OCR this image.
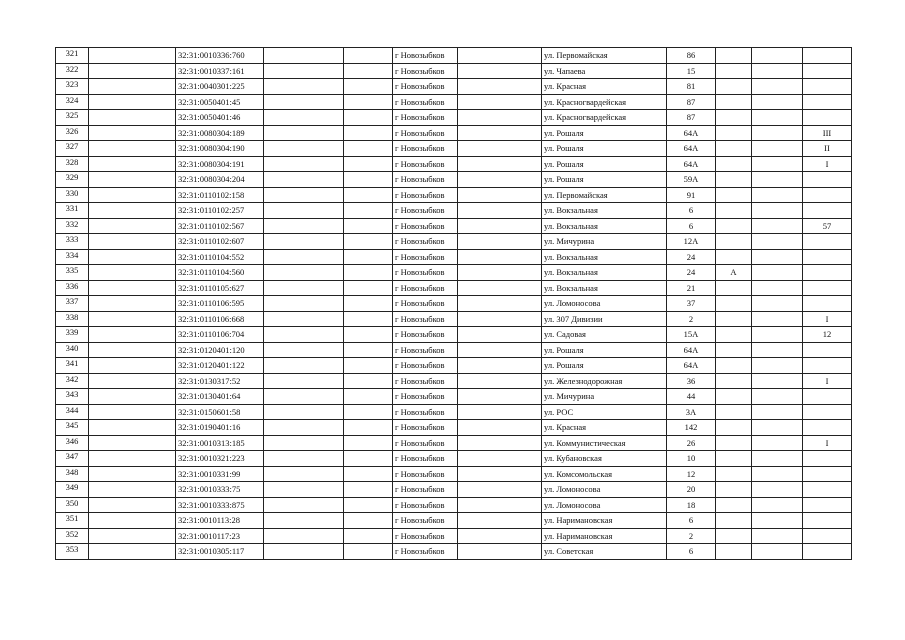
321		32:31:0010336:760			г Новозыбков		ул. Первомайская	86			
322		32:31:0010337:161			г Новозыбков		ул. Чапаева	15			
323		32:31:0040301:225			г Новозыбков		ул. Красная	81			
324		32:31:0050401:45			г Новозыбков		ул. Красногвардейская	87			
325		32:31:0050401:46			г Новозыбков		ул. Красногвардейская	87			
326		32:31:0080304:189			г Новозыбков		ул. Рошаля	64А			III
327		32:31:0080304:190			г Новозыбков		ул. Рошаля	64А			II
328		32:31:0080304:191			г Новозыбков		ул. Рошаля	64А			I
329		32:31:0080304:204			г Новозыбков		ул. Рошаля	59А			
330		32:31:0110102:158			г Новозыбков		ул. Первомайская	91			
331		32:31:0110102:257			г Новозыбков		ул. Вокзальная	6			
332		32:31:0110102:567			г Новозыбков		ул. Вокзальная	6			57
333		32:31:0110102:607			г Новозыбков		ул. Мичурина	12А			
334		32:31:0110104:552			г Новозыбков		ул. Вокзальная	24			
335		32:31:0110104:560			г Новозыбков		ул. Вокзальная	24	А		
336		32:31:0110105:627			г Новозыбков		ул. Вокзальная	21			
337		32:31:0110106:595			г Новозыбков		ул. Ломоносова	37			
338		32:31:0110106:668			г Новозыбков		ул. 307 Дивизии	2			I
339		32:31:0110106:704			г Новозыбков		ул. Садовая	15А			12
340		32:31:0120401:120			г Новозыбков		ул. Рошаля	64А			
341		32:31:0120401:122			г Новозыбков		ул. Рошаля	64А			
342		32:31:0130317:52			г Новозыбков		ул. Железнодорожная	36			I
343		32:31:0130401:64			г Новозыбков		ул. Мичурина	44			
344		32:31:0150601:58			г Новозыбков		ул. РОС	3А			
345		32:31:0190401:16			г Новозыбков		ул. Красная	142			
346		32:31:0010313:185			г Новозыбков		ул. Коммунистическая	26			I
347		32:31:0010321:223			г Новозыбков		ул. Кубановская	10			
348		32:31:0010331:99			г Новозыбков		ул. Комсомольская	12			
349		32:31:0010333:75			г Новозыбков		ул. Ломоносова	20			
350		32:31:0010333:875			г Новозыбков		ул. Ломоносова	18			
351		32:31:0010113:28			г Новозыбков		ул. Наримановская	6			
352		32:31:0010117:23			г Новозыбков		ул. Наримановская	2			
353		32:31:0010305:117			г Новозыбков		ул. Советская	6			
